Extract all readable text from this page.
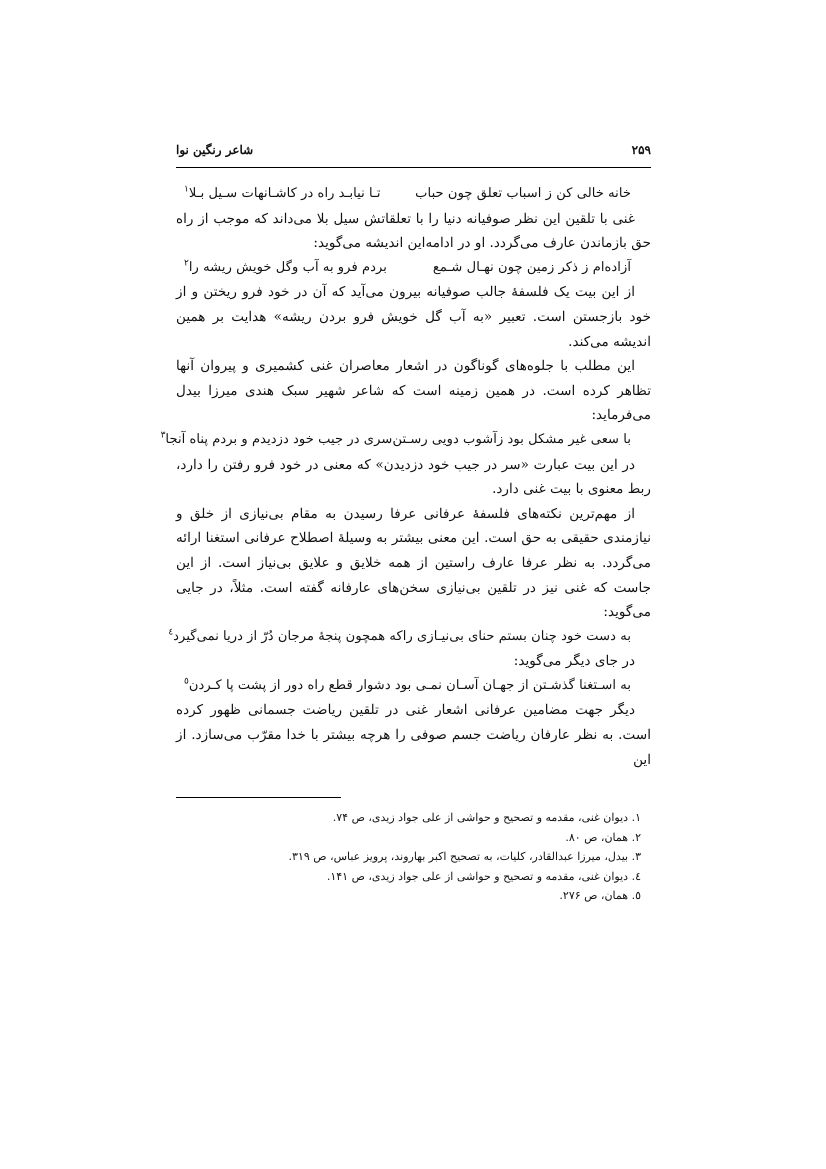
۲۵۹
شاعر رنگین نوا
خانه خالی کن ز اسباب تعلق چون حباب
تـا نیابـد راه در کاشـانهات سـیل بـلا$^۱$

غنی با تلقین این نظر صوفیانه دنیا را با تعلقاتش سیل بلا می‌داند که موجب از راه حق بازماندن عارف می‌گردد. او در ادامه‌این اندیشه می‌گوید:

آزاده‌ام ز ذکر زمین چون نهـال شـمع
بردم فرو به آب وگل خویش ریشه را$^۲$

از این بیت یک فلسفهٔ جالب صوفیانه بیرون می‌آید که آن در خود فرو ریختن و از خود بازجستن است. تعبیر «به آب گل خویش فرو بردن ریشه» هدایت بر همین اندیشه می‌کند.

این مطلب با جلوه‌های گوناگون در اشعار معاصران غنی کشمیری و پیروان آنها تظاهر کرده است. در همین زمینه است که شاعر شهیر سبک هندی میرزا بیدل می‌فرماید:

با سعی غیر مشکل بود زآشوب دویی رسـتن
سری در جیب خود دزدیدم و بردم پناه آنجا$^۳$

در این بیت عبارت «سر در جیب خود دزدیدن» که معنی در خود فرو رفتن را دارد، ربط معنوی با بیت غنی دارد.

از مهم‌ترین نکته‌های فلسفهٔ عرفانی عرفا رسیدن به مقام بی‌نیازی از خلق و نیازمندی حقیقی به حق است. این معنی بیشتر به وسیلهٔ اصطلاح عرفانی استغنا ارائه می‌گردد. به نظر عرفا عارف راستین از همه خلایق و علایق بی‌نیاز است. از این جاست که غنی نیز در تلقین بی‌نیازی سخن‌های عارفانه گفته است. مثلاً، در جایی می‌گوید:

به دست خود چنان بستم حنای بی‌نیـازی را
که همچون پنجهٔ مرجان دُرّ از دریا نمی‌گیرد$^٤$

در جای دیگر می‌گوید:

به اسـتغنا گذشـتن از جهـان آسـان نمـی
بود دشوار قطع راه دور از پشت پا کـردن$^٥$

دیگر جهت مضامین عرفانی اشعار غنی در تلقین ریاضت جسمانی ظهور کرده است. به نظر عارفان ریاضت جسم صوفی را هرچه بیشتر با خدا مقرّب می‌سازد. از این

۱. دیوان غنی، مقدمه و تصحیح و حواشی از علی جواد زیدی، ص ۷۴.
۲. همان، ص ۸۰.
۳. بیدل، میرزا عبدالقادر، کلیات، به تصحیح اکبر بهاروند، پرویز عباس، ص ۳۱۹.
٤. دیوان غنی، مقدمه و تصحیح و حواشی از علی جواد زیدی، ص ۱۴۱.
٥. همان، ص ۲۷۶.
